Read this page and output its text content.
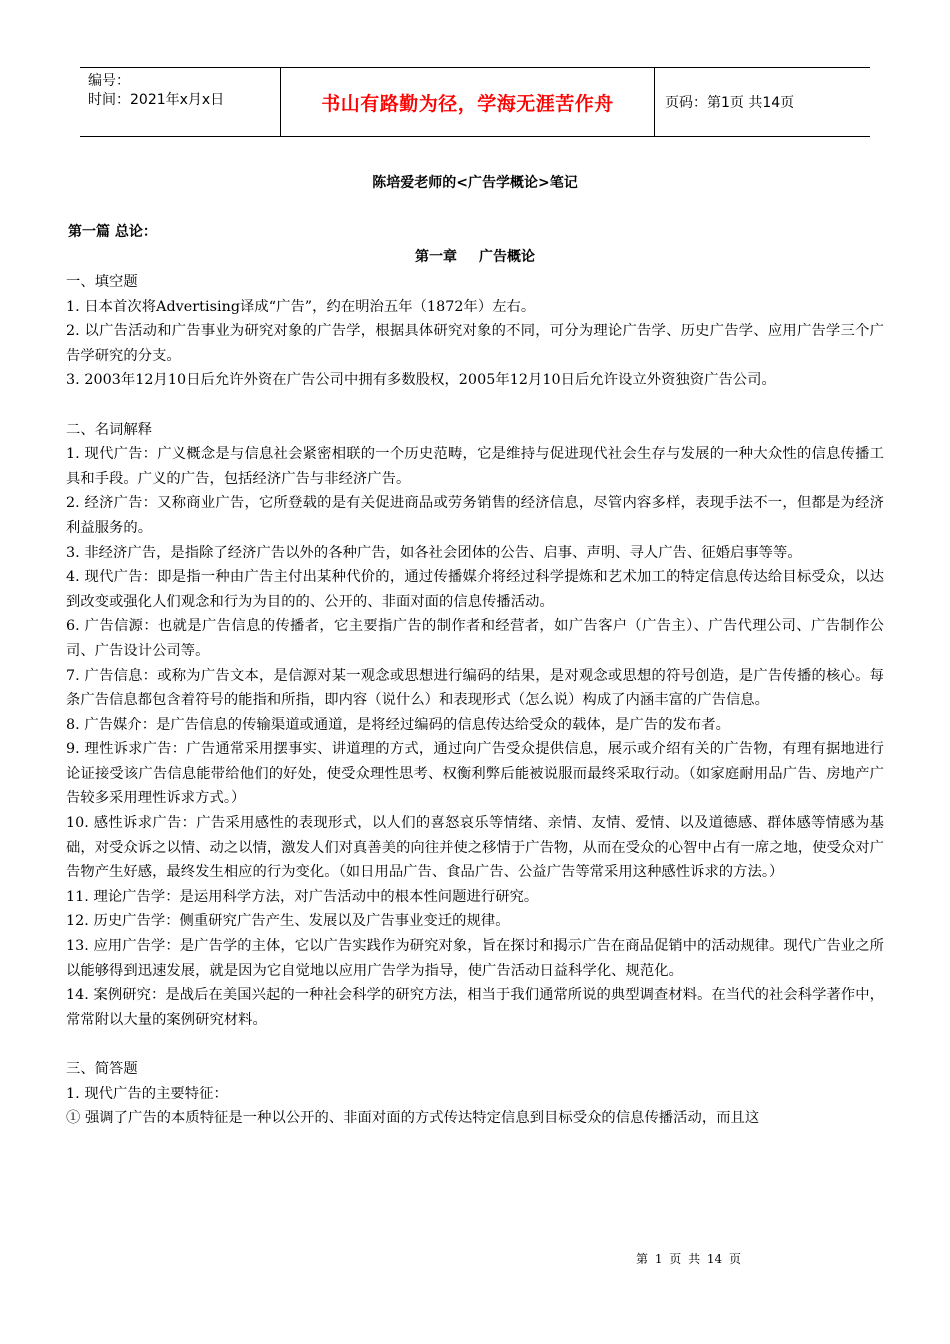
编号：
时间：2021年x月x日	书山有路勤为径，学海无涯苦作舟	页码：第1页 共14页
陈培爱老师的<广告学概论>笔记
第一篇 总论：
第一章 广告概论

一、填空题

1. 日本首次将Advertising译成“广告”，约在明治五年（1872年）左右。

2. 以广告活动和广告事业为研究对象的广告学，根据具体研究对象的不同，可分为理论广告学、历史广告学、应用广告学三个广告学研究的分支。

3. 2003年12月10日后允许外资在广告公司中拥有多数股权，2005年12月10日后允许设立外资独资广告公司。

二、名词解释

1. 现代广告：广义概念是与信息社会紧密相联的一个历史范畴，它是维持与促进现代社会生存与发展的一种大众性的信息传播工具和手段。广义的广告，包括经济广告与非经济广告。

2. 经济广告：又称商业广告，它所登载的是有关促进商品或劳务销售的经济信息，尽管内容多样，表现手法不一，但都是为经济利益服务的。

3. 非经济广告，是指除了经济广告以外的各种广告，如各社会团体的公告、启事、声明、寻人广告、征婚启事等等。

4. 现代广告：即是指一种由广告主付出某种代价的，通过传播媒介将经过科学提炼和艺术加工的特定信息传达给目标受众，以达到改变或强化人们观念和行为为目的的、公开的、非面对面的信息传播活动。

6. 广告信源：也就是广告信息的传播者，它主要指广告的制作者和经营者，如广告客户（广告主）、广告代理公司、广告制作公司、广告设计公司等。

7. 广告信息：或称为广告文本，是信源对某一观念或思想进行编码的结果，是对观念或思想的符号创造，是广告传播的核心。每条广告信息都包含着符号的能指和所指，即内容（说什么）和表现形式（怎么说）构成了内涵丰富的广告信息。

8. 广告媒介：是广告信息的传输渠道或通道，是将经过编码的信息传达给受众的载体，是广告的发布者。

9. 理性诉求广告：广告通常采用摆事实、讲道理的方式，通过向广告受众提供信息，展示或介绍有关的广告物，有理有据地进行论证接受该广告信息能带给他们的好处，使受众理性思考、权衡利弊后能被说服而最终采取行动。（如家庭耐用品广告、房地产广告较多采用理性诉求方式。）

10. 感性诉求广告：广告采用感性的表现形式，以人们的喜怒哀乐等情绪、亲情、友情、爱情、以及道德感、群体感等情感为基础，对受众诉之以情、动之以情，激发人们对真善美的向往并使之移情于广告物，从而在受众的心智中占有一席之地，使受众对广告物产生好感，最终发生相应的行为变化。（如日用品广告、食品广告、公益广告等常采用这种感性诉求的方法。）

11. 理论广告学：是运用科学方法，对广告活动中的根本性问题进行研究。

12. 历史广告学：侧重研究广告产生、发展以及广告事业变迁的规律。

13. 应用广告学：是广告学的主体，它以广告实践作为研究对象，旨在探讨和揭示广告在商品促销中的活动规律。现代广告业之所以能够得到迅速发展，就是因为它自觉地以应用广告学为指导，使广告活动日益科学化、规范化。

14. 案例研究：是战后在美国兴起的一种社会科学的研究方法，相当于我们通常所说的典型调查材料。在当代的社会科学著作中，常常附以大量的案例研究材料。

三、简答题

1. 现代广告的主要特征：

① 强调了广告的本质特征是一种以公开的、非面对面的方式传达特定信息到目标受众的信息传播活动，而且这

第 1 页 共 14 页
